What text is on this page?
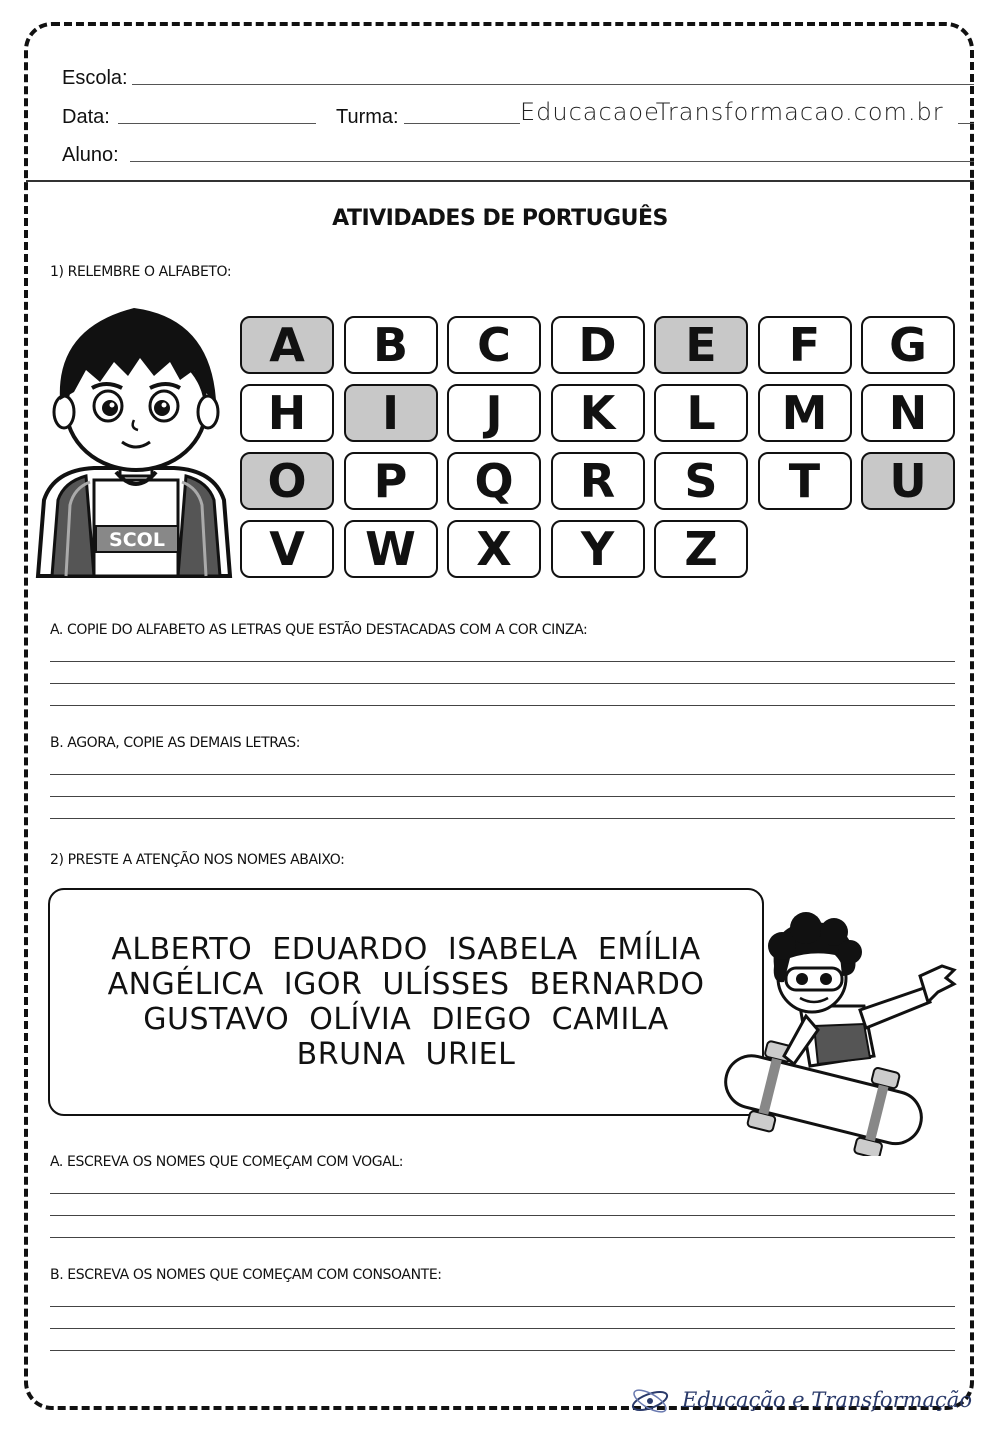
Escola:
Data:	Turma:	EducacaoeTransformacao.com.br
Aluno:
ATIVIDADES DE PORTUGUÊS
1) RELEMBRE O ALFABETO:
SCOL
A	B	C	D	E	F	G
H	I	J	K	L	M	N
O	P	Q	R	S	T	U
V	W	X	Y	Z
A. COPIE DO ALFABETO AS LETRAS QUE ESTÃO DESTACADAS COM A COR CINZA:
B. AGORA, COPIE AS DEMAIS LETRAS:
2) PRESTE A ATENÇÃO NOS NOMES ABAIXO:
ALBERTO EDUARDO ISABELA EMÍLIA
ANGÉLICA IGOR ULÍSSES BERNARDO
GUSTAVO OLÍVIA DIEGO CAMILA
BRUNA URIEL
A. ESCREVA OS NOMES QUE COMEÇAM COM VOGAL:
B. ESCREVA OS NOMES QUE COMEÇAM COM CONSOANTE:
Educação e Transformação
